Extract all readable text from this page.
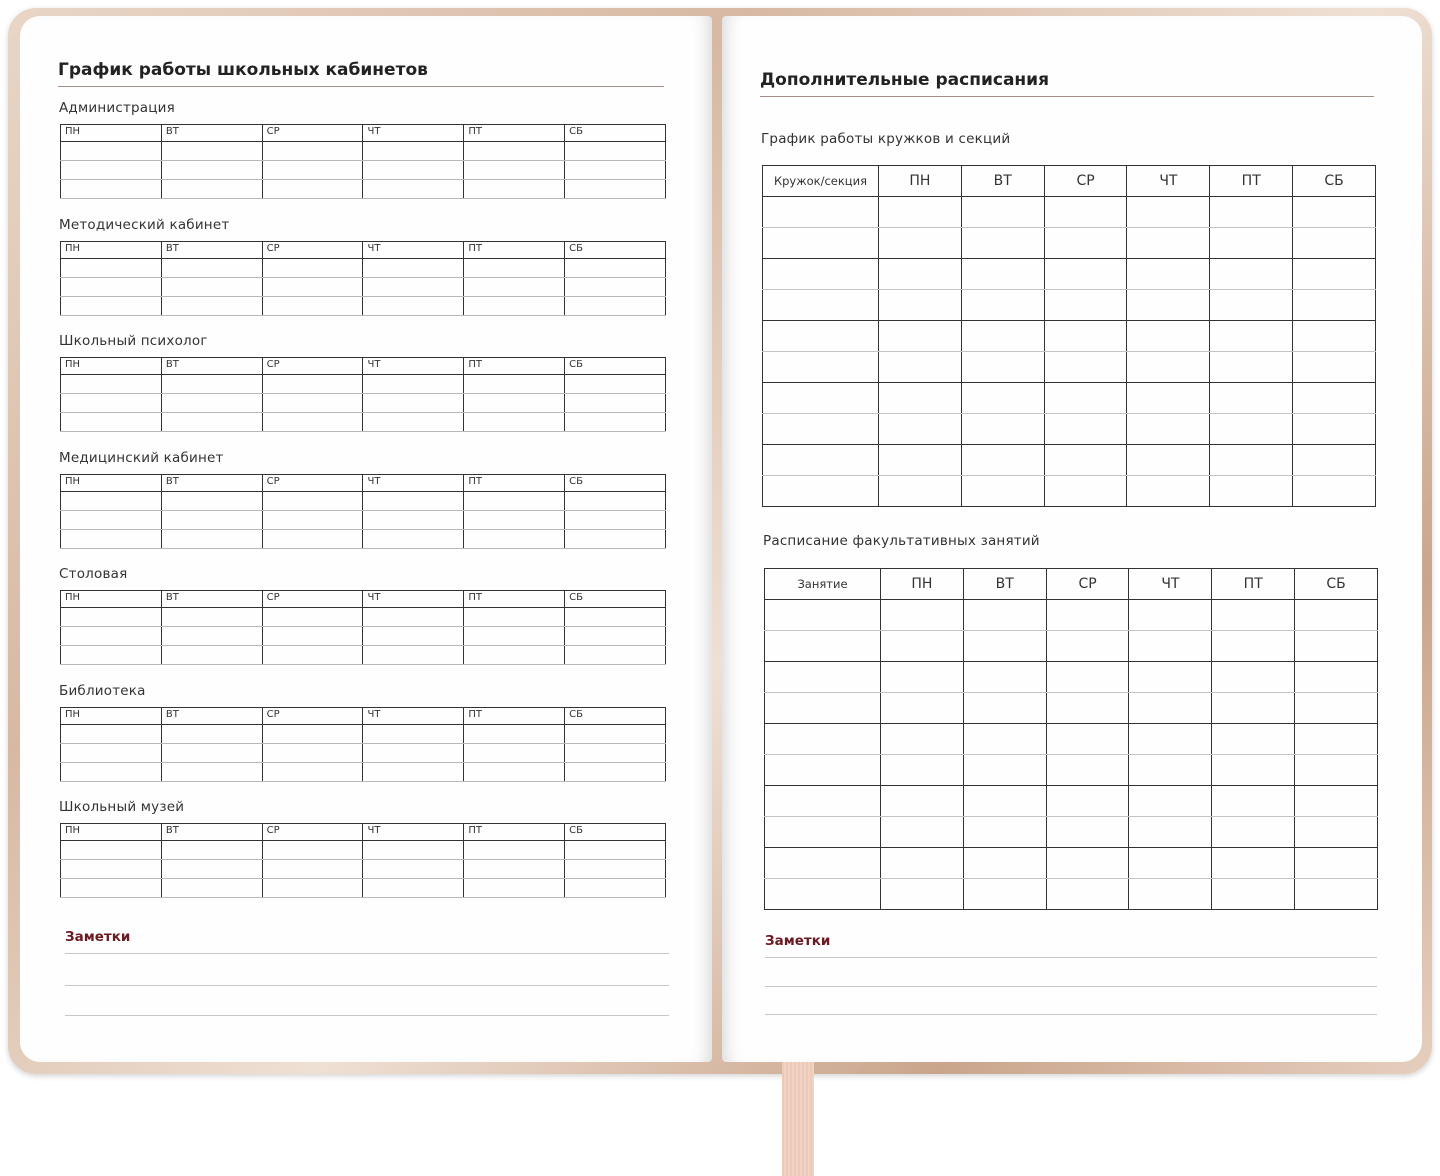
График работы школьных кабинетов
Администрация
ПН	ВТ	СР	ЧТ	ПТ	СБ

Методический кабинет
ПН	ВТ	СР	ЧТ	ПТ	СБ

Школьный психолог
ПН	ВТ	СР	ЧТ	ПТ	СБ

Медицинский кабинет
ПН	ВТ	СР	ЧТ	ПТ	СБ

Столовая
ПН	ВТ	СР	ЧТ	ПТ	СБ

Библиотека
ПН	ВТ	СР	ЧТ	ПТ	СБ

Школьный музей
ПН	ВТ	СР	ЧТ	ПТ	СБ

Заметки
Дополнительные расписания
График работы кружков и секций
Кружок/секция	ПН	ВТ	СР	ЧТ	ПТ	СБ

Расписание факультативных занятий
Занятие	ПН	ВТ	СР	ЧТ	ПТ	СБ

Заметки
